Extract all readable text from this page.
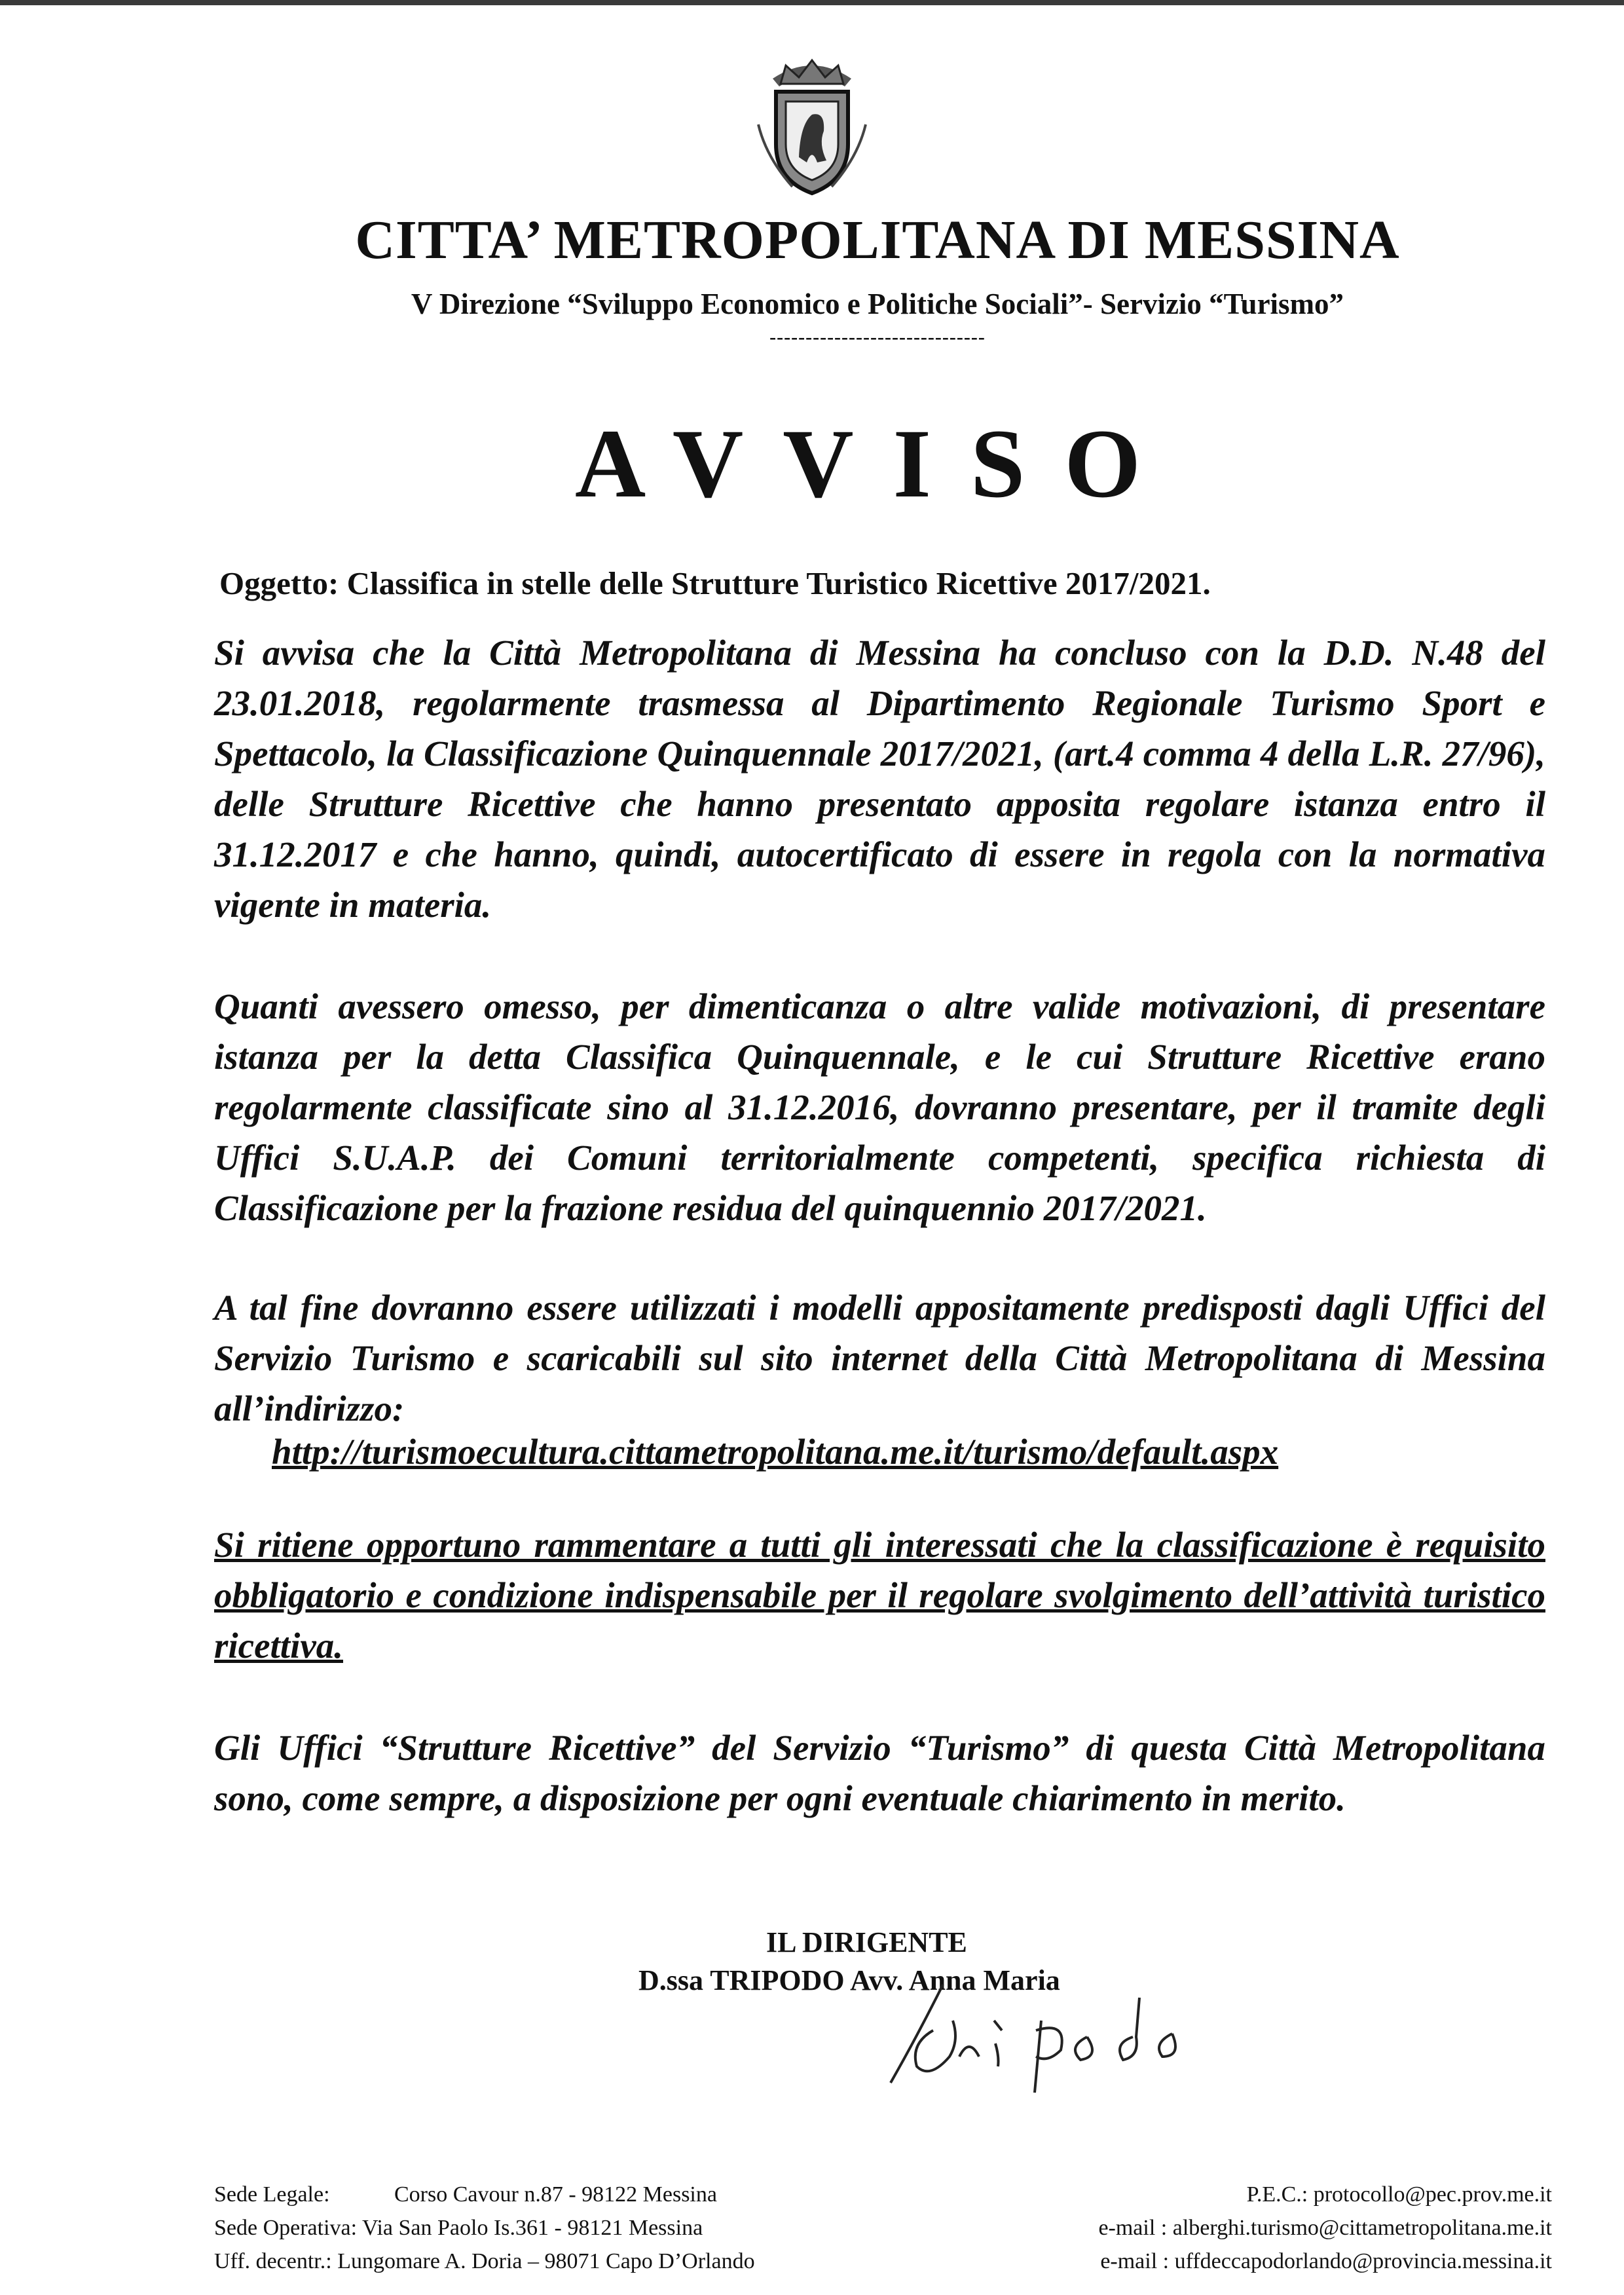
CITTA’ METROPOLITANA DI MESSINA
V Direzione “Sviluppo Economico e Politiche Sociali”- Servizio “Turismo”
------------------------------
AVVISO
Oggetto: Classifica in stelle delle Strutture Turistico Ricettive 2017/2021.

Si avvisa che la Città Metropolitana di Messina ha concluso con la D.D. N.48 del 23.01.2018, regolarmente trasmessa al Dipartimento Regionale Turismo Sport e Spettacolo, la Classificazione Quinquennale 2017/2021, (art.4 comma 4 della L.R. 27/96), delle Strutture Ricettive che hanno presentato apposita regolare istanza entro il 31.12.2017 e che hanno, quindi, autocertificato di essere in regola con la normativa vigente in materia.

Quanti avessero omesso, per dimenticanza o altre valide motivazioni, di presentare istanza per la detta Classifica Quinquennale, e le cui Strutture Ricettive erano regolarmente classificate sino al 31.12.2016, dovranno presentare, per il tramite degli Uffici S.U.A.P. dei Comuni territorialmente competenti, specifica richiesta di Classificazione per la frazione residua del quinquennio 2017/2021.

A tal fine dovranno essere utilizzati i modelli appositamente predisposti dagli Uffici del Servizio Turismo e scaricabili sul sito internet della Città Metropolitana di Messina all’indirizzo:

http://turismoecultura.cittametropolitana.me.it/turismo/default.aspx

Si ritiene opportuno rammentare a tutti gli interessati che la classificazione è requisito obbligatorio e condizione indispensabile per il regolare svolgimento dell’attività turistico ricettiva.

Gli Uffici “Strutture Ricettive” del Servizio “Turismo” di questa Città Metropolitana sono, come sempre, a disposizione per ogni eventuale chiarimento in merito.

IL DIRIGENTE
D.ssa TRIPODO Avv. Anna Maria
Sede Legale:	Corso Cavour n.87 - 98122 Messina
Sede Operativa: Via San Paolo Is.361 - 98121 Messina
Uff. decentr.: Lungomare A. Doria – 98071 Capo D’Orlando
P.E.C.: protocollo@pec.prov.me.it
e-mail : alberghi.turismo@cittametropolitana.me.it
e-mail : uffdeccapodorlando@provincia.messina.it
